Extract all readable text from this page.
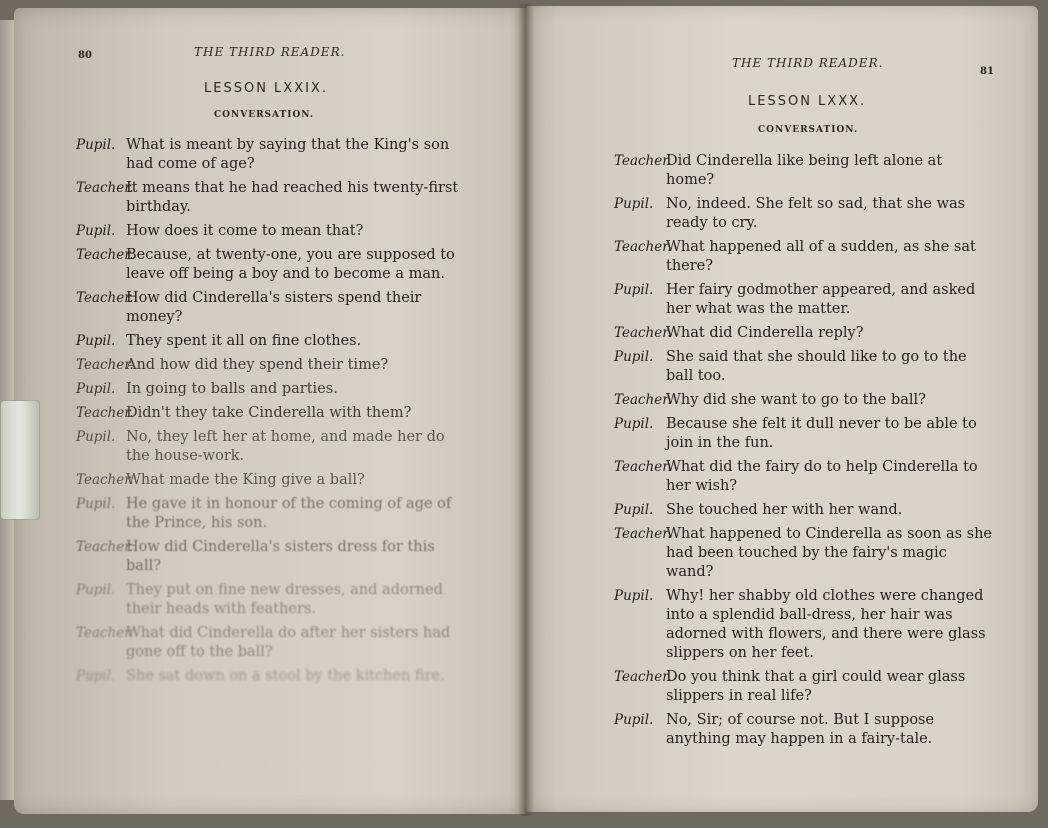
80	THE THIRD READER.
LESSON LXXIX.
CONVERSATION.
Pupil. What is meant by saying that the King's son had come of age?
Teacher.
It means that he had reached his twenty-first birthday.
Pupil. How does it come to mean that?
Teacher.
Because, at twenty-one, you are supposed to leave off being a boy and to become a man.
Teacher.
How did Cinderella's sisters spend their money?
Pupil. They spent it all on fine clothes.
Teacher.
And how did they spend their time?
Pupil. In going to balls and parties.
Teacher.
Didn't they take Cinderella with them?
Pupil. No, they left her at home, and made her do the house-work.
Teacher.
What made the King give a ball?
Pupil. He gave it in honour of the coming of age of the Prince, his son.
Teacher.
How did Cinderella's sisters dress for this ball?
Pupil. They put on fine new dresses, and adorned their heads with feathers.
Teacher.
What did Cinderella do after her sisters had gone off to the ball?
Pupil. She sat down on a stool by the kitchen fire.
THE THIRD READER.
81
LESSON LXXX.
CONVERSATION.
Teacher.
Did Cinderella like being left alone at home?
Pupil. No, indeed. She felt so sad, that she was ready to cry.
Teacher.
What happened all of a sudden, as she sat there?
Pupil. Her fairy godmother appeared, and asked her what was the matter.
Teacher.
What did Cinderella reply?
Pupil. She said that she should like to go to the ball too.
Teacher.
Why did she want to go to the ball?
Pupil. Because she felt it dull never to be able to join in the fun.
Teacher.
What did the fairy do to help Cinderella to her wish?
Pupil. She touched her with her wand.
Teacher.
What happened to Cinderella as soon as she had been touched by the fairy's magic wand?
Pupil. Why! her shabby old clothes were changed into a splendid ball-dress, her hair was adorned with flowers, and there were glass slippers on her feet.
Teacher.
Do you think that a girl could wear glass slippers in real life?
Pupil. No, Sir; of course not. But I suppose anything may happen in a fairy-tale.
